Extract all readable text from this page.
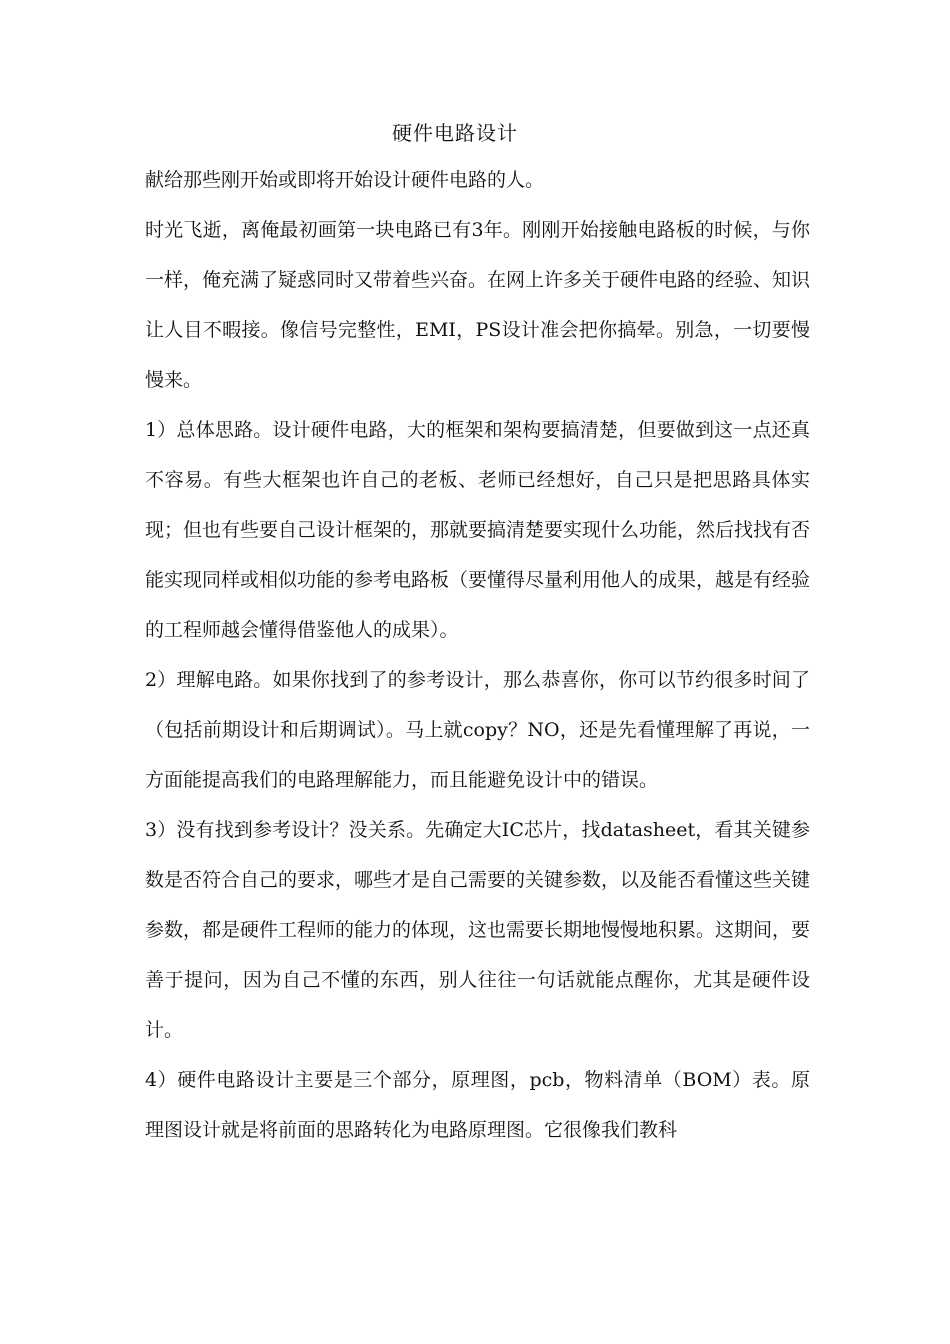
硬件电路设计

献给那些刚开始或即将开始设计硬件电路的人。

时光飞逝，离俺最初画第一块电路已有3年。刚刚开始接触电路板的时候，与你一样，俺充满了疑惑同时又带着些兴奋。在网上许多关于硬件电路的经验、知识让人目不暇接。像信号完整性，EMI，PS设计准会把你搞晕。别急，一切要慢慢来。

1）总体思路。设计硬件电路，大的框架和架构要搞清楚，但要做到这一点还真不容易。有些大框架也许自己的老板、老师已经想好，自己只是把思路具体实现；但也有些要自己设计框架的，那就要搞清楚要实现什么功能，然后找找有否能实现同样或相似功能的参考电路板（要懂得尽量利用他人的成果，越是有经验的工程师越会懂得借鉴他人的成果）。

2）理解电路。如果你找到了的参考设计，那么恭喜你，你可以节约很多时间了（包括前期设计和后期调试）。马上就copy？NO，还是先看懂理解了再说，一方面能提高我们的电路理解能力，而且能避免设计中的错误。

3）没有找到参考设计？没关系。先确定大IC芯片，找datasheet，看其关键参数是否符合自己的要求，哪些才是自己需要的关键参数，以及能否看懂这些关键参数，都是硬件工程师的能力的体现，这也需要长期地慢慢地积累。这期间，要善于提问，因为自己不懂的东西，别人往往一句话就能点醒你，尤其是硬件设计。

4）硬件电路设计主要是三个部分，原理图，pcb，物料清单（BOM）表。原理图设计就是将前面的思路转化为电路原理图。它很像我们教科
